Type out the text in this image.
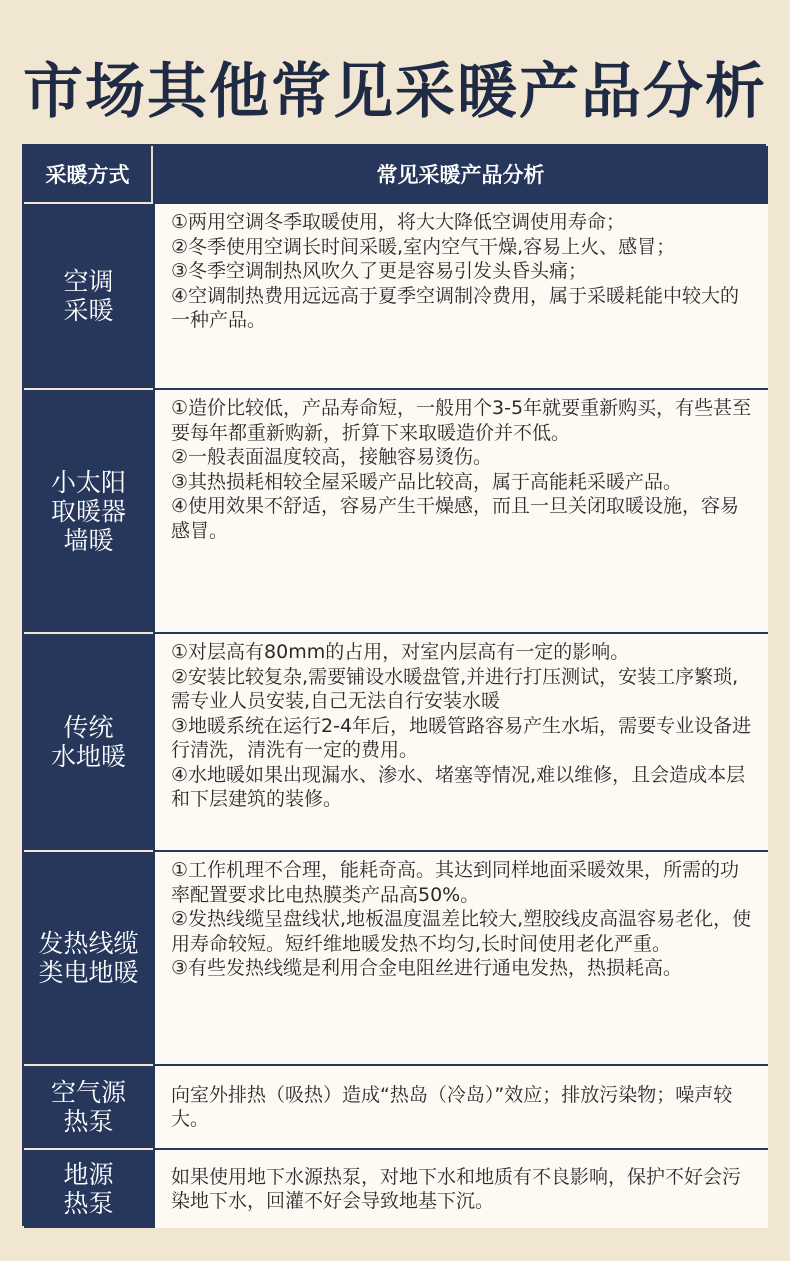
市场其他常见采暖产品分析
采暖方式	常见采暖产品分析
空调
采暖
①两用空调冬季取暖使用，将大大降低空调使用寿命；
②冬季使用空调长时间采暖,室内空气干燥,容易上火、感冒；
③冬季空调制热风吹久了更是容易引发头昏头痛；
④空调制热费用远远高于夏季空调制冷费用，属于采暖耗能中较大的一种产品。
小太阳
取暖器
墙暖
①造价比较低，产品寿命短，一般用个3-5年就要重新购买，有些甚至要每年都重新购新，折算下来取暖造价并不低。
②一般表面温度较高，接触容易烫伤。
③其热损耗相较全屋采暖产品比较高，属于高能耗采暖产品。
④使用效果不舒适，容易产生干燥感，而且一旦关闭取暖设施，容易感冒。
传统
水地暖
①对层高有80mm的占用，对室内层高有一定的影响。
②安装比较复杂,需要铺设水暖盘管,并进行打压测试，安装工序繁琐,需专业人员安装,自己无法自行安装水暖
③地暖系统在运行2-4年后，地暖管路容易产生水垢，需要专业设备进行清洗，清洗有一定的费用。
④水地暖如果出现漏水、渗水、堵塞等情况,难以维修，且会造成本层和下层建筑的装修。
发热线缆
类电地暖
①工作机理不合理，能耗奇高。其达到同样地面采暖效果，所需的功率配置要求比电热膜类产品高50%。
②发热线缆呈盘线状,地板温度温差比较大,塑胶线皮高温容易老化，使用寿命较短。短纤维地暖发热不均匀,长时间使用老化严重。
③有些发热线缆是利用合金电阻丝进行通电发热，热损耗高。
空气源
热泵
向室外排热（吸热）造成“热岛（冷岛）”效应；排放污染物；噪声较大。
地源
热泵
如果使用地下水源热泵，对地下水和地质有不良影响，保护不好会污染地下水，回灌不好会导致地基下沉。
